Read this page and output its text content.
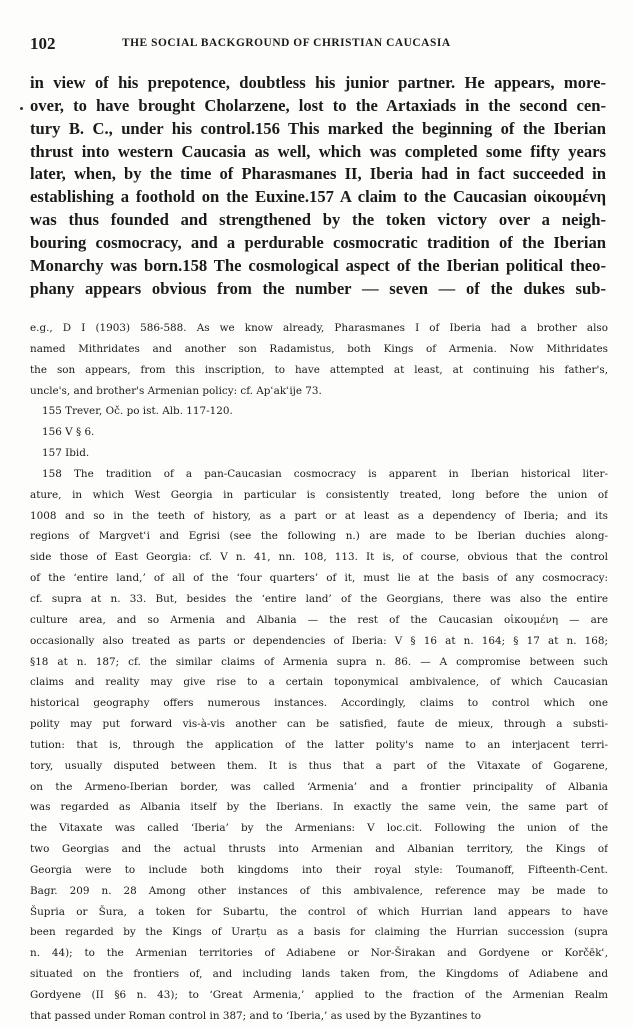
102	THE SOCIAL BACKGROUND OF CHRISTIAN CAUCASIA
in view of his prepotence, doubtless his junior partner. He appears, more-
over, to have brought Cholarzene, lost to the Artaxiads in the second cen-
tury B. C., under his control.156 This marked the beginning of the Iberian
thrust into western Caucasia as well, which was completed some fifty years
later, when, by the time of Pharasmanes II, Iberia had in fact succeeded in
establishing a foothold on the Euxine.157 A claim to the Caucasian οἰκουμένη
was thus founded and strengthened by the token victory over a neigh-
bouring cosmocracy, and a perdurable cosmocratic tradition of the Iberian
Monarchy was born.158 The cosmological aspect of the Iberian political theo-
phany appears obvious from the number — seven — of the dukes sub-
e.g., D I (1903) 586-588. As we know already, Pharasmanes I of Iberia had a brother also
named Mithridates and another son Radamistus, both Kings of Armenia. Now Mithridates
the son appears, from this inscription, to have attempted at least, at continuing his father's,
uncle's, and brother's Armenian policy: cf. Apʿakʿije 73.
155 Trever, Oč. po ist. Alb. 117-120.
156 V § 6.
157 Ibid.
158 The tradition of a pan-Caucasian cosmocracy is apparent in Iberian historical liter-
ature, in which West Georgia in particular is consistently treated, long before the union of
1008 and so in the teeth of history, as a part or at least as a dependency of Iberia; and its
regions of Margvetʿi and Egrisi (see the following n.) are made to be Iberian duchies along-
side those of East Georgia: cf. V n. 41, nn. 108, 113. It is, of course, obvious that the control
of the ‘entire land,’ of all of the ‘four quarters’ of it, must lie at the basis of any cosmocracy:
cf. supra at n. 33. But, besides the ‘entire land’ of the Georgians, there was also the entire
culture area, and so Armenia and Albania — the rest of the Caucasian οἰκουμένη — are
occasionally also treated as parts or dependencies of Iberia: V § 16 at n. 164; § 17 at n. 168;
§18 at n. 187; cf. the similar claims of Armenia supra n. 86. — A compromise between such
claims and reality may give rise to a certain toponymical ambivalence, of which Caucasian
historical geography offers numerous instances. Accordingly, claims to control which one
polity may put forward vis-à-vis another can be satisfied, faute de mieux, through a substi-
tution: that is, through the application of the latter polity's name to an interjacent terri-
tory, usually disputed between them. It is thus that a part of the Vitaxate of Gogarene,
on the Armeno-Iberian border, was called ‘Armenia’ and a frontier principality of Albania
was regarded as Albania itself by the Iberians. In exactly the same vein, the same part of
the Vitaxate was called ‘Iberia’ by the Armenians: V loc.cit. Following the union of the
two Georgias and the actual thrusts into Armenian and Albanian territory, the Kings of
Georgia were to include both kingdoms into their royal style: Toumanoff, Fifteenth-Cent.
Bagr. 209 n. 28 Among other instances of this ambivalence, reference may be made to
Šupria or Šura, a token for Subartu, the control of which Hurrian land appears to have
been regarded by the Kings of Urarṭu as a basis for claiming the Hurrian succession (supra
n. 44); to the Armenian territories of Adiabene or Nor-Širakan and Gordyene or Korčēkʿ,
situated on the frontiers of, and including lands taken from, the Kingdoms of Adiabene and
Gordyene (II §6 n. 43); to ‘Great Armenia,’ applied to the fraction of the Armenian Realm
that passed under Roman control in 387; and to ‘Iberia,’ as used by the Byzantines to
